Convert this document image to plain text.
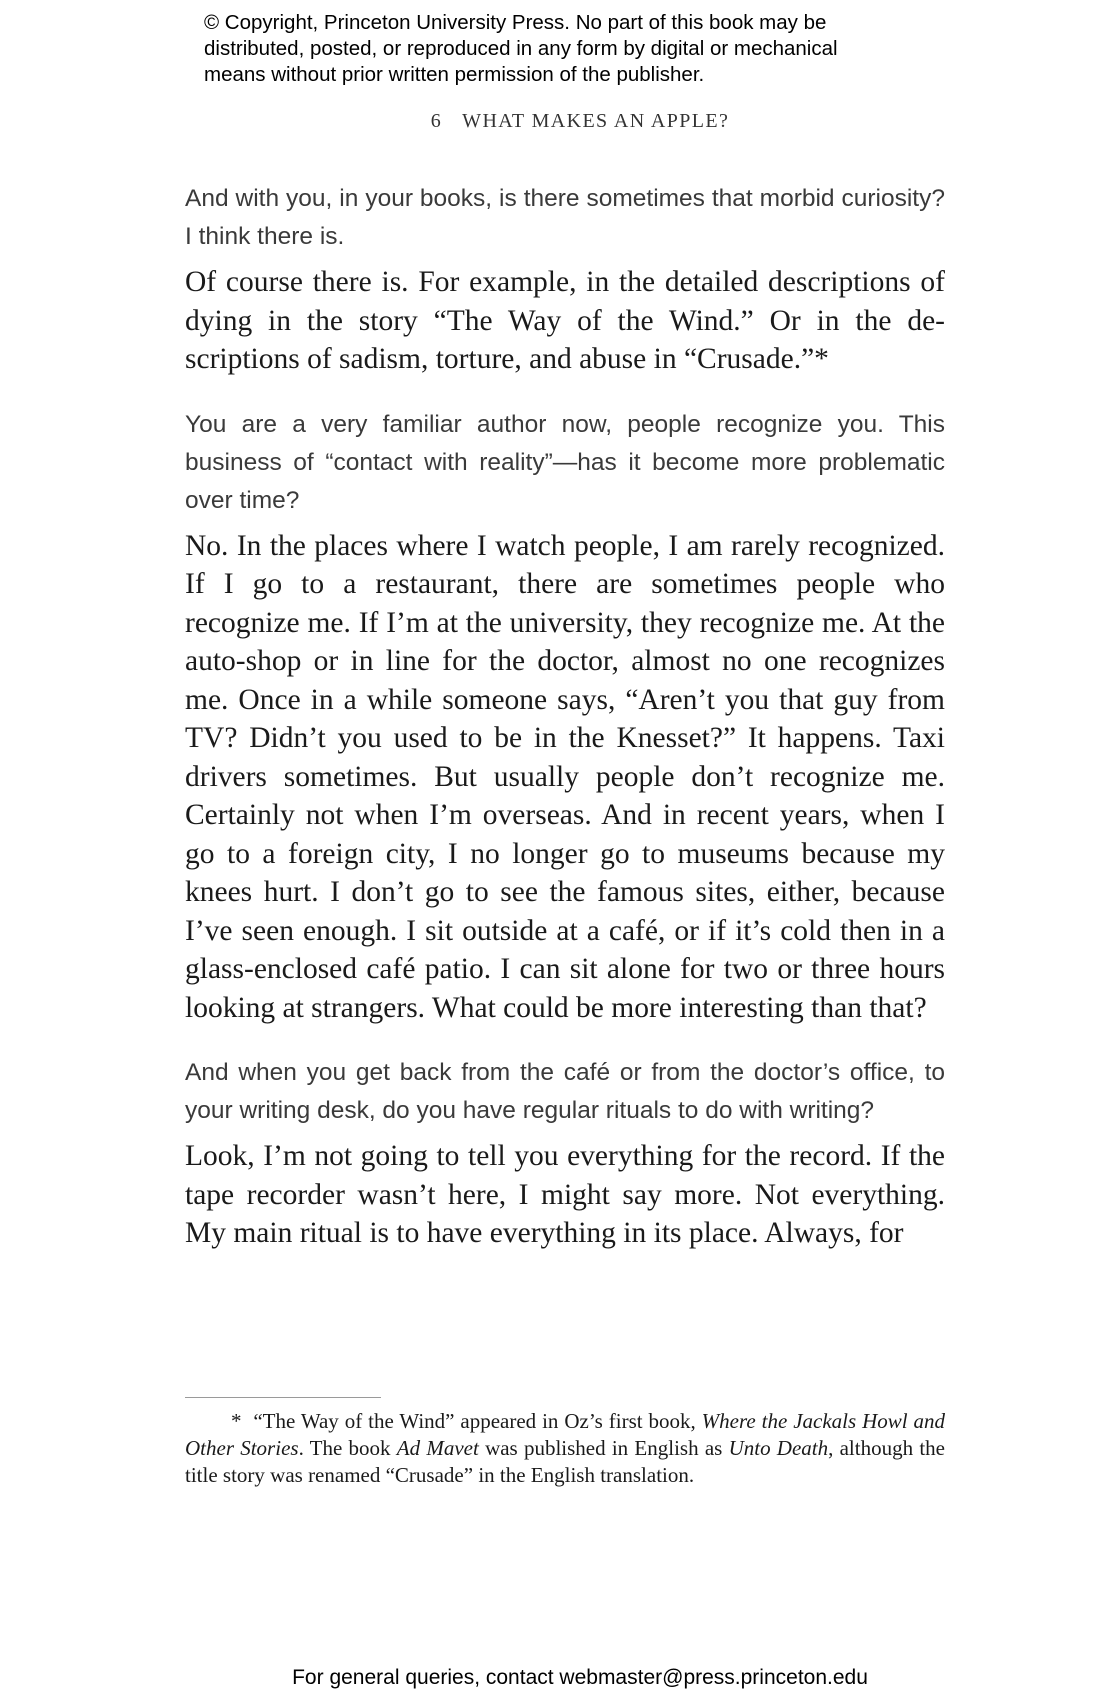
© Copyright, Princeton University Press. No part of this book may be
distributed, posted, or reproduced in any form by digital or mechanical
means without prior written permission of the publisher.
6 WHAT MAKES AN APPLE?

And with you, in your books, is there sometimes that morbid curiosity? I think there is.

Of course there is. For example, in the detailed descriptions of dying in the story “The Way of the Wind.” Or in the descriptions of sadism, torture, and abuse in “Crusade.”*

You are a very familiar author now, people recognize you. This business of “contact with reality”—has it become more problematic over time?

No. In the places where I watch people, I am rarely recognized. If I go to a restaurant, there are sometimes people who recognize me. If I’m at the university, they recognize me. At the auto-shop or in line for the doctor, almost no one recognizes me. Once in a while someone says, “Aren’t you that guy from TV? Didn’t you used to be in the Knesset?” It happens. Taxi drivers sometimes. But usually people don’t recognize me. Certainly not when I’m overseas. And in recent years, when I go to a foreign city, I no longer go to museums because my knees hurt. I don’t go to see the famous sites, either, because I’ve seen enough. I sit outside at a café, or if it’s cold then in a glass-enclosed café patio. I can sit alone for two or three hours looking at strangers. What could be more interesting than that?

And when you get back from the café or from the doctor’s office, to your writing desk, do you have regular rituals to do with writing?

Look, I’m not going to tell you everything for the record. If the tape recorder wasn’t here, I might say more. Not everything. My main ritual is to have everything in its place. Always, for

* “The Way of the Wind” appeared in Oz’s first book, Where the Jackals Howl and Other Stories. The book Ad Mavet was published in English as Unto Death, although the title story was renamed “Crusade” in the English translation.

For general queries, contact webmaster@press.princeton.edu
